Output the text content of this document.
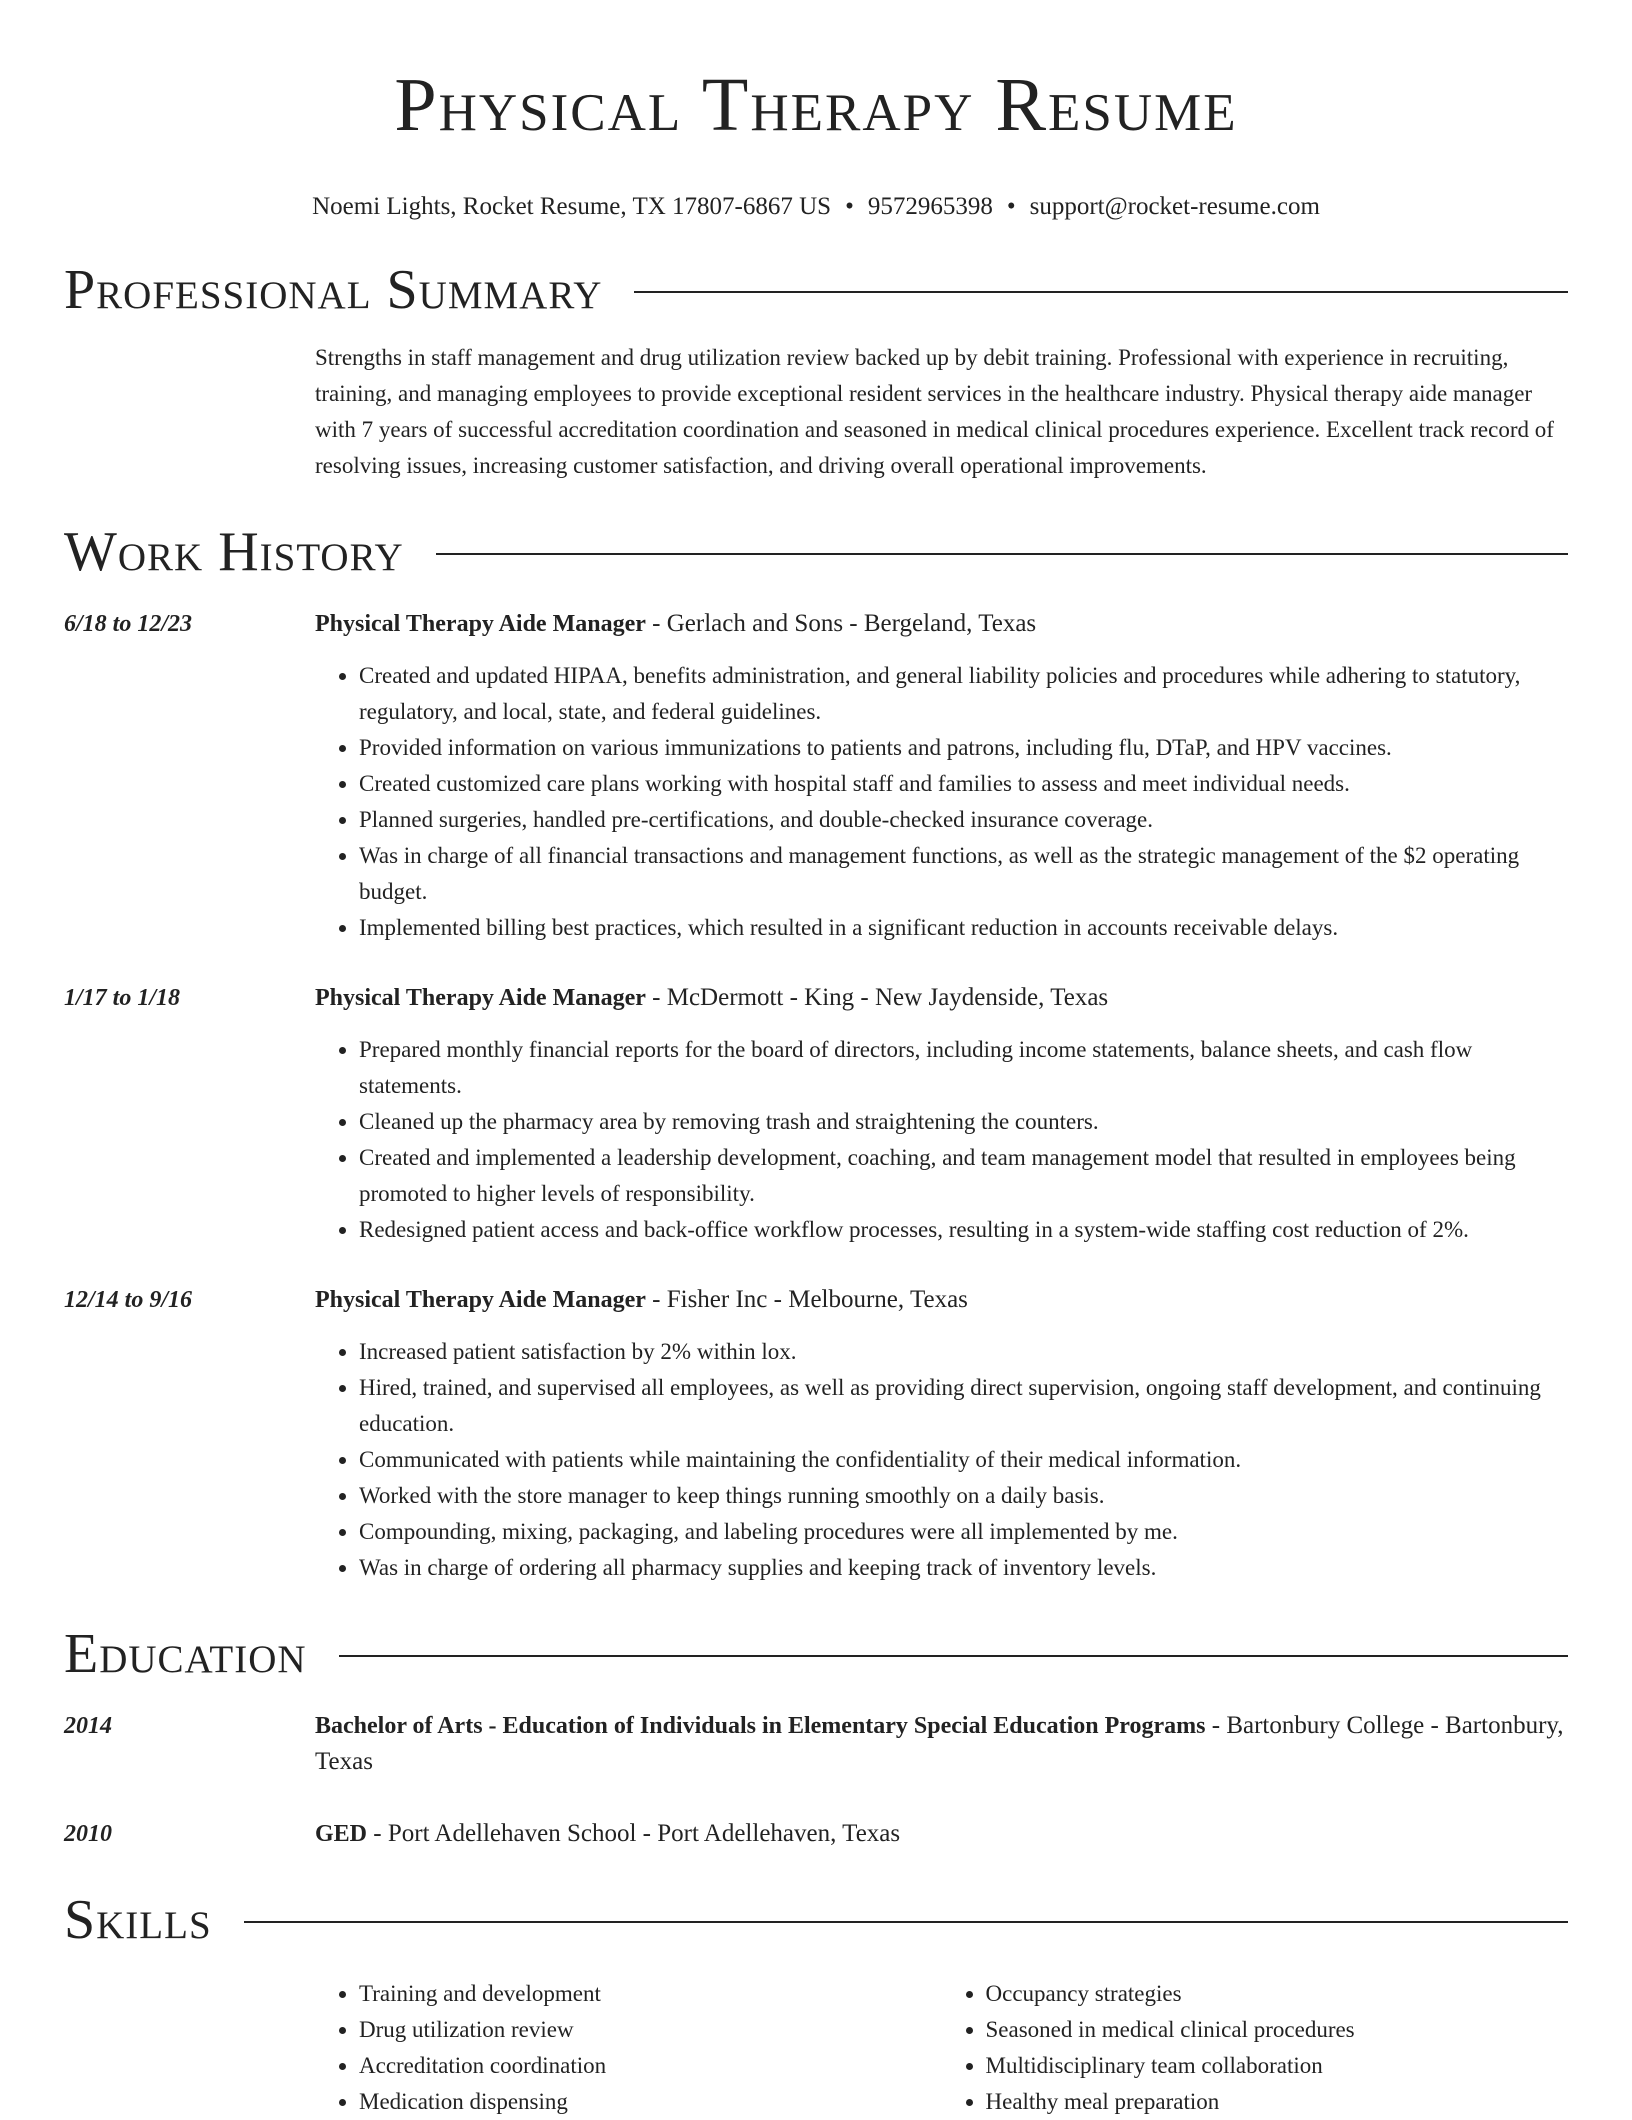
Physical Therapy Resume
Noemi Lights, Rocket Resume, TX 17807-6867 US • 9572965398 • support@rocket-resume.com
Professional Summary
Strengths in staff management and drug utilization review backed up by debit training. Professional with experience in recruiting, training, and managing employees to provide exceptional resident services in the healthcare industry. Physical therapy aide manager with 7 years of successful accreditation coordination and seasoned in medical clinical procedures experience. Excellent track record of resolving issues, increasing customer satisfaction, and driving overall operational improvements.
Work History
6/18 to 12/23	Physical Therapy Aide Manager - Gerlach and Sons - Bergeland, Texas
• Created and updated HIPAA, benefits administration, and general liability policies and procedures while adhering to statutory, regulatory, and local, state, and federal guidelines.
• Provided information on various immunizations to patients and patrons, including flu, DTaP, and HPV vaccines.
• Created customized care plans working with hospital staff and families to assess and meet individual needs.
• Planned surgeries, handled pre-certifications, and double-checked insurance coverage.
• Was in charge of all financial transactions and management functions, as well as the strategic management of the $2 operating budget.
• Implemented billing best practices, which resulted in a significant reduction in accounts receivable delays.
1/17 to 1/18	Physical Therapy Aide Manager - McDermott - King - New Jaydenside, Texas
• Prepared monthly financial reports for the board of directors, including income statements, balance sheets, and cash flow statements.
• Cleaned up the pharmacy area by removing trash and straightening the counters.
• Created and implemented a leadership development, coaching, and team management model that resulted in employees being promoted to higher levels of responsibility.
• Redesigned patient access and back-office workflow processes, resulting in a system-wide staffing cost reduction of 2%.
12/14 to 9/16	Physical Therapy Aide Manager - Fisher Inc - Melbourne, Texas
• Increased patient satisfaction by 2% within lox.
• Hired, trained, and supervised all employees, as well as providing direct supervision, ongoing staff development, and continuing education.
• Communicated with patients while maintaining the confidentiality of their medical information.
• Worked with the store manager to keep things running smoothly on a daily basis.
• Compounding, mixing, packaging, and labeling procedures were all implemented by me.
• Was in charge of ordering all pharmacy supplies and keeping track of inventory levels.
Education
2014	Bachelor of Arts - Education of Individuals in Elementary Special Education Programs - Bartonbury College - Bartonbury, Texas
2010	GED - Port Adellehaven School - Port Adellehaven, Texas
Skills
• Training and development
• Drug utilization review
• Accreditation coordination
• Medication dispensing
• Occupancy strategies
• Seasoned in medical clinical procedures
• Multidisciplinary team collaboration
• Healthy meal preparation
